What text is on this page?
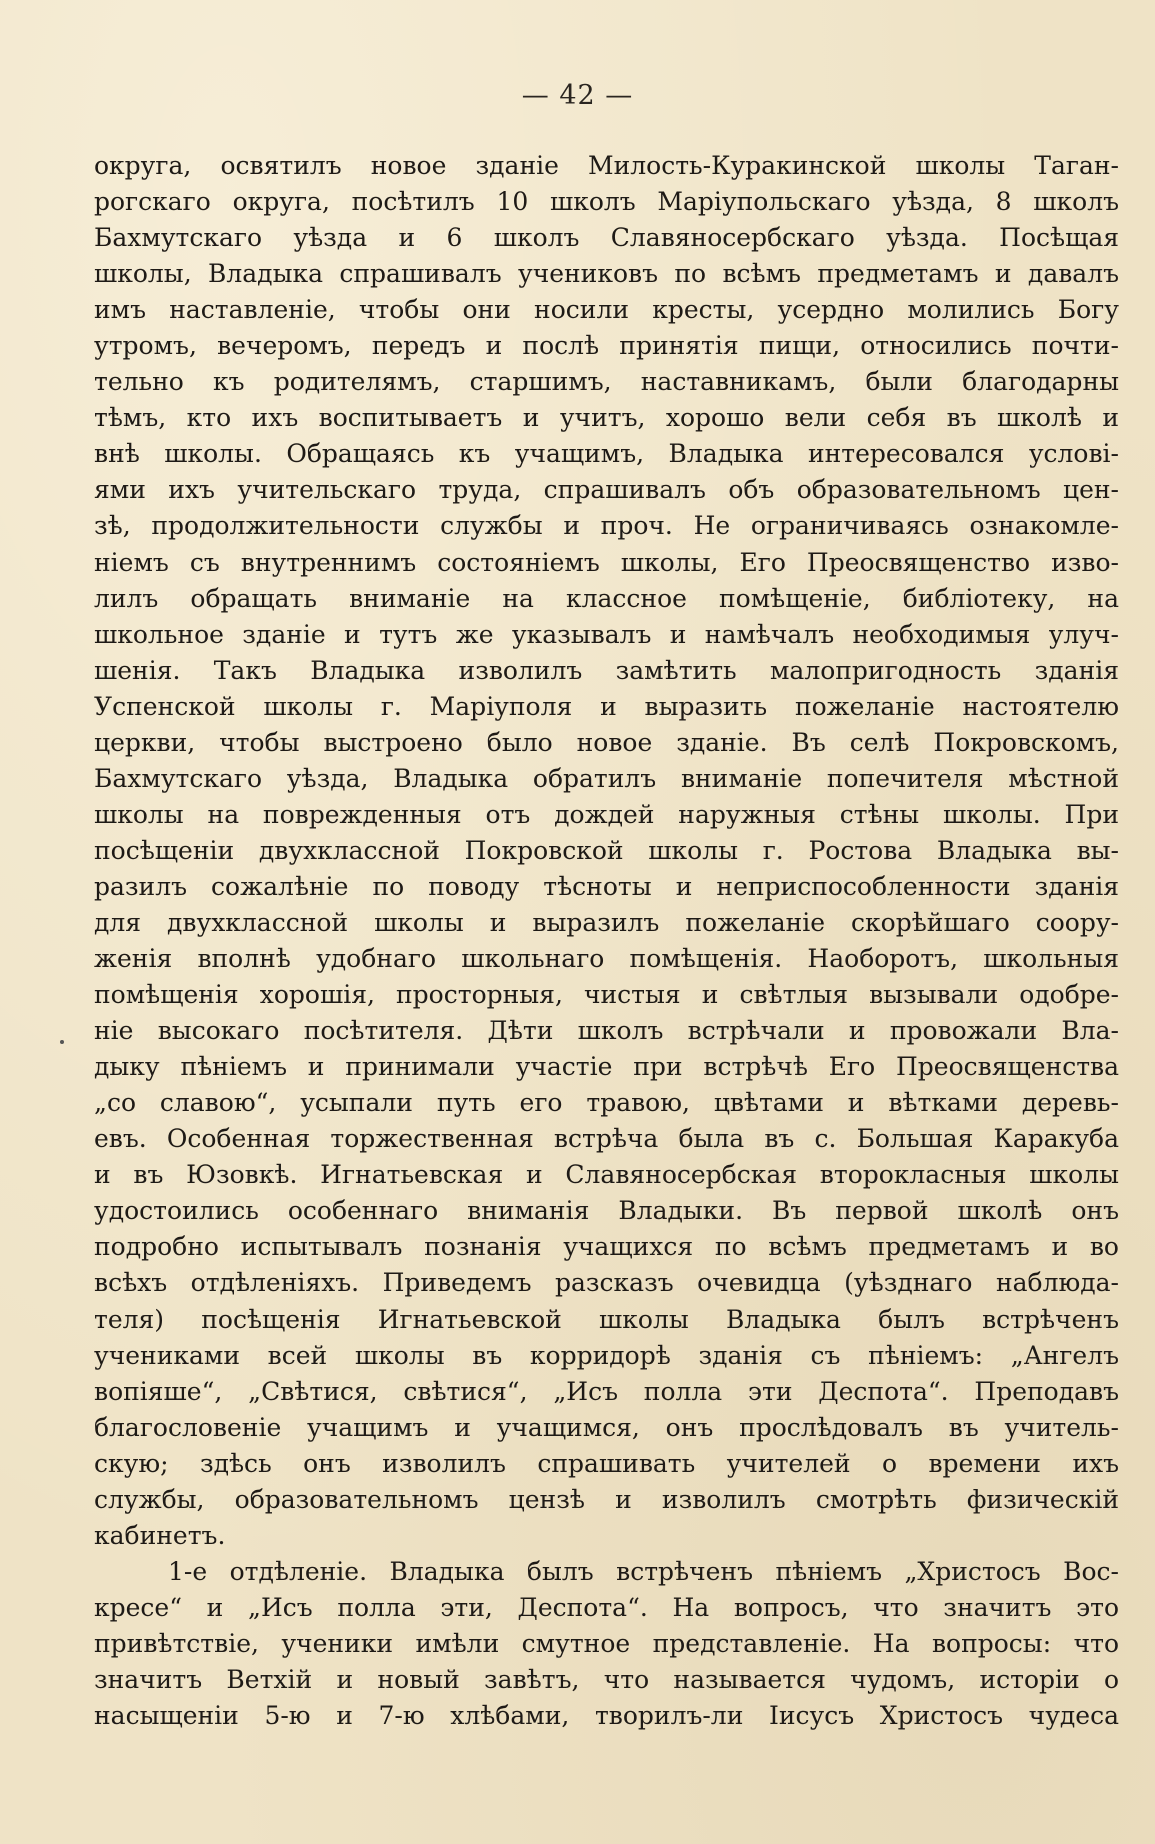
— 42 —
округа, освятилъ новое зданіе Милость-Куракинской школы Таган-
рогскаго округа, посѣтилъ 10 школъ Маріупольскаго уѣзда, 8 школъ
Бахмутскаго уѣзда и 6 школъ Славяносербскаго уѣзда. Посѣщая
школы, Владыка спрашивалъ учениковъ по всѣмъ предметамъ и давалъ
имъ наставленіе, чтобы они носили кресты, усердно молились Богу
утромъ, вечеромъ, передъ и послѣ принятія пищи, относились почти-
тельно къ родителямъ, старшимъ, наставникамъ, были благодарны
тѣмъ, кто ихъ воспитываетъ и учитъ, хорошо вели себя въ школѣ и
внѣ школы. Обращаясь къ учащимъ, Владыка интересовался услові-
ями ихъ учительскаго труда, спрашивалъ объ образовательномъ цен-
зѣ, продолжительности службы и проч. Не ограничиваясь ознакомле-
ніемъ съ внутреннимъ состояніемъ школы, Его Преосвященство изво-
лилъ обращать вниманіе на классное помѣщеніе, библіотеку, на
школьное зданіе и тутъ же указывалъ и намѣчалъ необходимыя улуч-
шенія. Такъ Владыка изволилъ замѣтить малопригодность зданія
Успенской школы г. Маріуполя и выразить пожеланіе настоятелю
церкви, чтобы выстроено было новое зданіе. Въ селѣ Покровскомъ,
Бахмутскаго уѣзда, Владыка обратилъ вниманіе попечителя мѣстной
школы на поврежденныя отъ дождей наружныя стѣны школы. При
посѣщеніи двухклассной Покровской школы г. Ростова Владыка вы-
разилъ сожалѣніе по поводу тѣсноты и неприспособленности зданія
для двухклассной школы и выразилъ пожеланіе скорѣйшаго соору-
женія вполнѣ удобнаго школьнаго помѣщенія. Наоборотъ, школьныя
помѣщенія хорошія, просторныя, чистыя и свѣтлыя вызывали одобре-
ніе высокаго посѣтителя. Дѣти школъ встрѣчали и провожали Вла-
дыку пѣніемъ и принимали участіе при встрѣчѣ Его Преосвященства
„со славою“, усыпали путь его травою, цвѣтами и вѣтками деревь-
евъ. Особенная торжественная встрѣча была въ с. Большая Каракуба
и въ Юзовкѣ. Игнатьевская и Славяносербская второкласныя школы
удостоились особеннаго вниманія Владыки. Въ первой школѣ онъ
подробно испытывалъ познанія учащихся по всѣмъ предметамъ и во
всѣхъ отдѣленіяхъ. Приведемъ разсказъ очевидца (уѣзднаго наблюда-
теля) посѣщенія Игнатьевской школы Владыка былъ встрѣченъ
учениками всей школы въ корридорѣ зданія съ пѣніемъ: „Ангелъ
вопіяше“, „Свѣтися, свѣтися“, „Исъ полла эти Деспота“. Преподавъ
благословеніе учащимъ и учащимся, онъ прослѣдовалъ въ учитель-
скую; здѣсь онъ изволилъ спрашивать учителей о времени ихъ
службы, образовательномъ цензѣ и изволилъ смотрѣть физическій
кабинетъ.
1-е отдѣленіе. Владыка былъ встрѣченъ пѣніемъ „Христосъ Вос-
кресе“ и „Исъ полла эти, Деспота“. На вопросъ, что значитъ это
привѣтствіе, ученики имѣли смутное представленіе. На вопросы: что
значитъ Ветхій и новый завѣтъ, что называется чудомъ, исторіи о
насыщеніи 5-ю и 7-ю хлѣбами, творилъ-ли Іисусъ Христосъ чудеса
